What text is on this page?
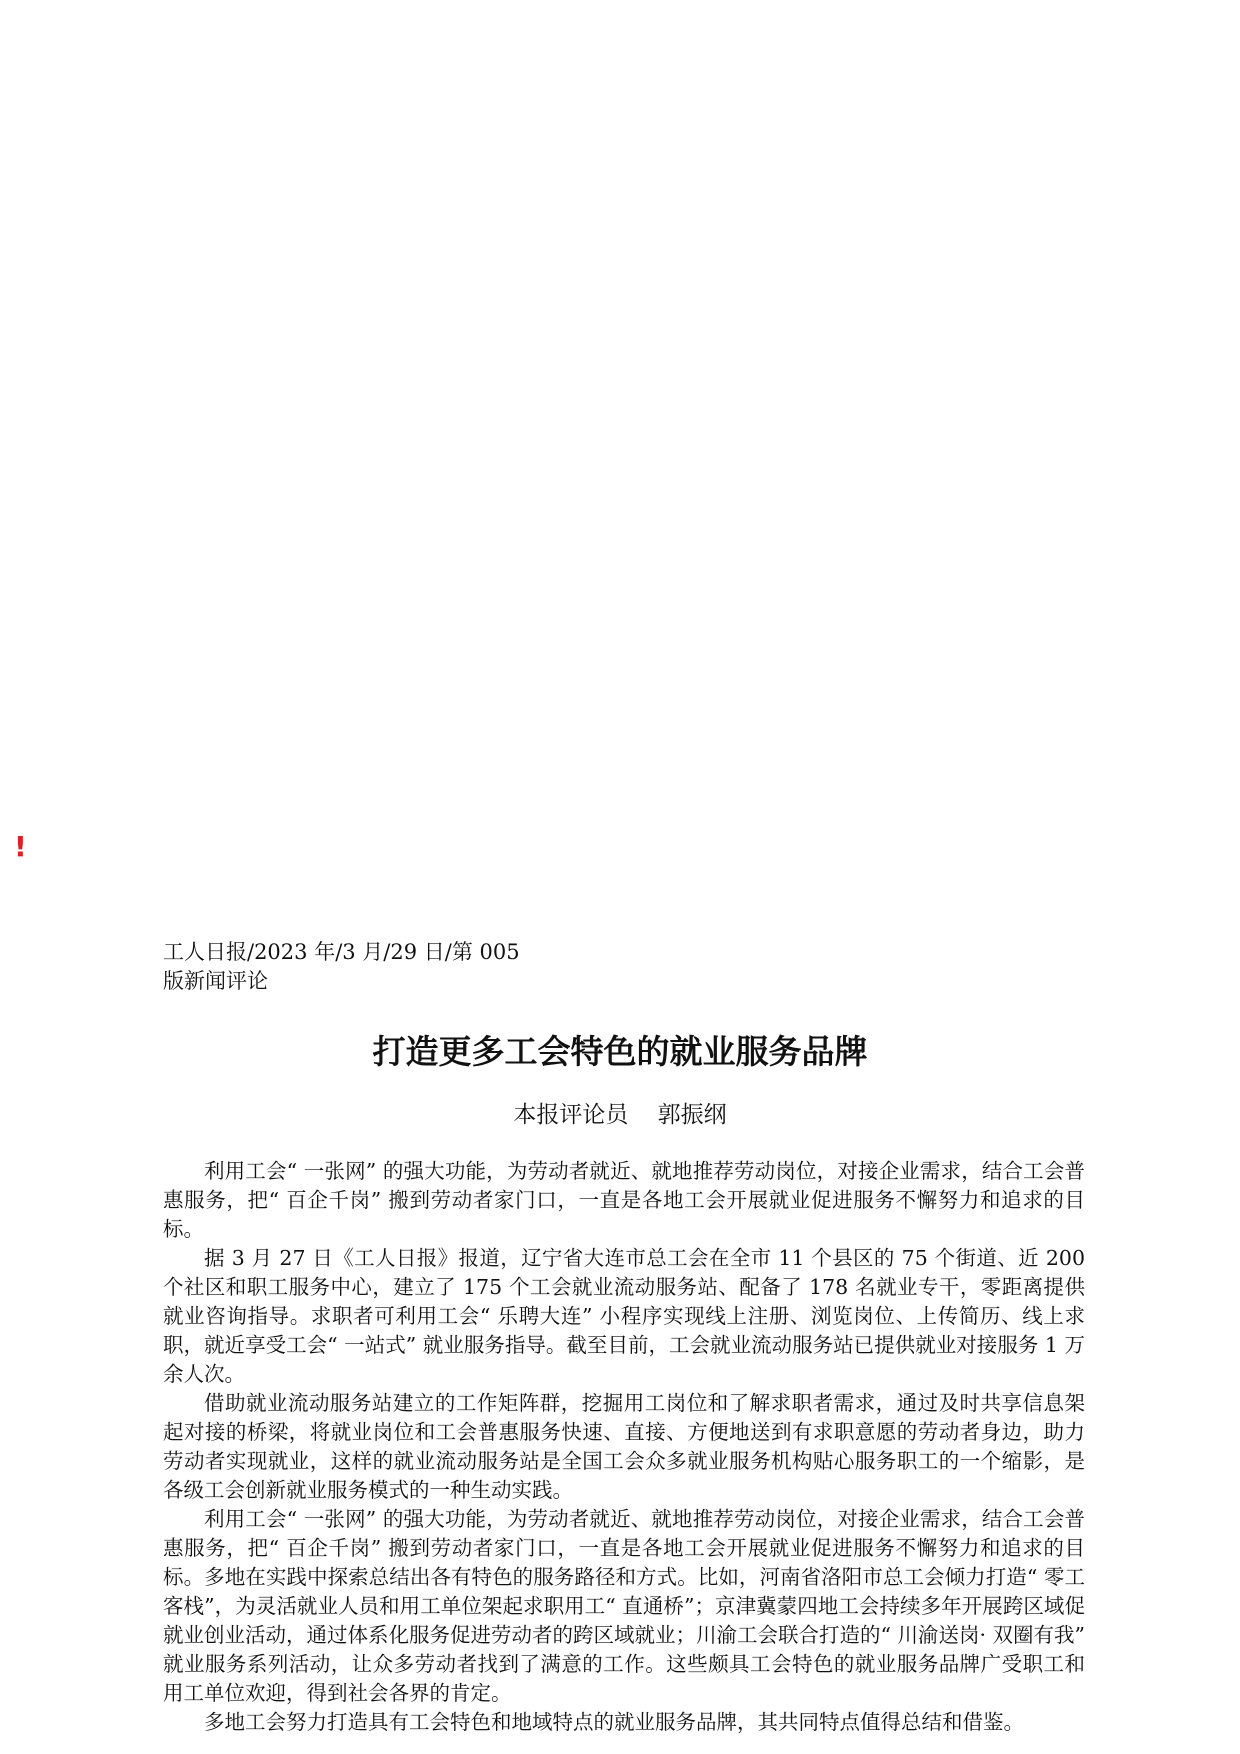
!
工人日报/2023 年/3 月/29 日/第 005
版新闻评论
打造更多工会特色的就业服务品牌
本报评论员    郭振纲

利用工会“ 一张网” 的强大功能，为劳动者就近、就地推荐劳动岗位，对接企业需求，结合工会普惠服务，把“ 百企千岗” 搬到劳动者家门口，一直是各地工会开展就业促进服务不懈努力和追求的目标。

据 3 月 27 日《工人日报》报道，辽宁省大连市总工会在全市 11 个县区的 75 个街道、近 200 个社区和职工服务中心，建立了 175 个工会就业流动服务站、配备了 178 名就业专干，零距离提供就业咨询指导。求职者可利用工会“ 乐聘大连” 小程序实现线上注册、浏览岗位、上传简历、线上求职，就近享受工会“ 一站式” 就业服务指导。截至目前，工会就业流动服务站已提供就业对接服务 1 万余人次。

借助就业流动服务站建立的工作矩阵群，挖掘用工岗位和了解求职者需求，通过及时共享信息架起对接的桥梁，将就业岗位和工会普惠服务快速、直接、方便地送到有求职意愿的劳动者身边，助力劳动者实现就业，这样的就业流动服务站是全国工会众多就业服务机构贴心服务职工的一个缩影，是各级工会创新就业服务模式的一种生动实践。

利用工会“ 一张网” 的强大功能，为劳动者就近、就地推荐劳动岗位，对接企业需求，结合工会普惠服务，把“ 百企千岗” 搬到劳动者家门口，一直是各地工会开展就业促进服务不懈努力和追求的目标。多地在实践中探索总结出各有特色的服务路径和方式。比如，河南省洛阳市总工会倾力打造“ 零工客栈”，为灵活就业人员和用工单位架起求职用工“ 直通桥”；京津冀蒙四地工会持续多年开展跨区域促就业创业活动，通过体系化服务促进劳动者的跨区域就业；川渝工会联合打造的“ 川渝送岗· 双圈有我” 就业服务系列活动，让众多劳动者找到了满意的工作。这些颇具工会特色的就业服务品牌广受职工和用工单位欢迎，得到社会各界的肯定。

多地工会努力打造具有工会特色和地域特点的就业服务品牌，其共同特点值得总结和借鉴。
